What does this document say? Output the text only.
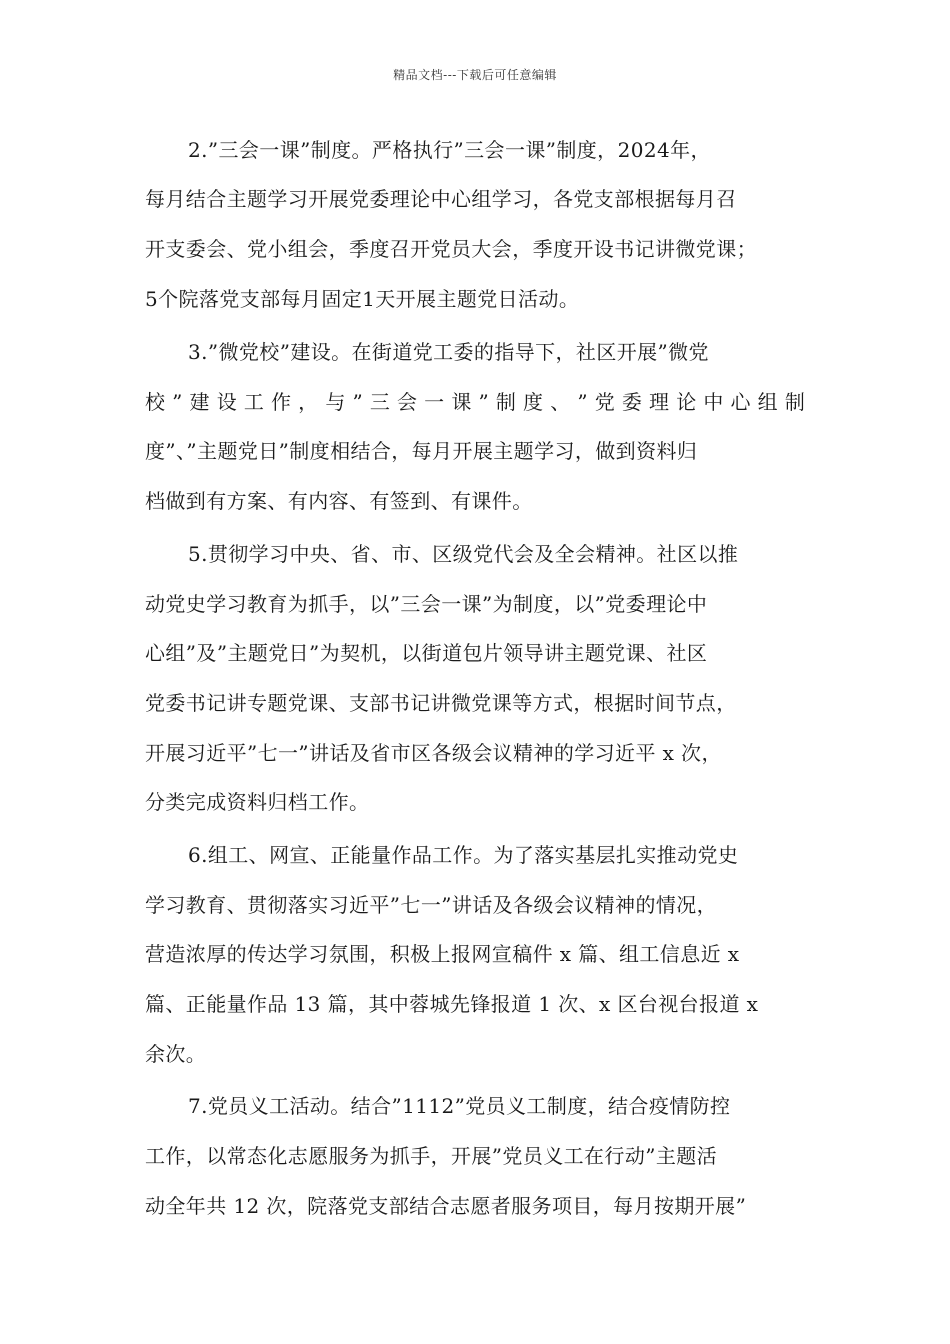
精品文档---下载后可任意编辑
2.”三会一课”制度。严格执行”三会一课”制度，2024年，
每月结合主题学习开展党委理论中心组学习，各党支部根据每月召
开支委会、党小组会，季度召开党员大会，季度开设书记讲微党课；
5个院落党支部每月固定1天开展主题党日活动。
3.”微党校”建设。在街道党工委的指导下，社区开展”微党
校 ” 建 设 工 作 ， 与 ” 三 会 一 课 ” 制 度 、 ” 党 委 理 论 中 心 组 制
度”、”主题党日”制度相结合，每月开展主题学习，做到资料归
档做到有方案、有内容、有签到、有课件。
5.贯彻学习中央、省、市、区级党代会及全会精神。社区以推
动党史学习教育为抓手，以”三会一课”为制度，以”党委理论中
心组”及”主题党日”为契机，以街道包片领导讲主题党课、社区
党委书记讲专题党课、支部书记讲微党课等方式，根据时间节点，
开展习近平”七一”讲话及省市区各级会议精神的学习近平 x 次，
分类完成资料归档工作。
6.组工、网宣、正能量作品工作。为了落实基层扎实推动党史
学习教育、贯彻落实习近平”七一”讲话及各级会议精神的情况，
营造浓厚的传达学习氛围，积极上报网宣稿件 x 篇、组工信息近 x
篇、正能量作品 13 篇，其中蓉城先锋报道 1 次、x 区台视台报道 x
余次。
7.党员义工活动。结合”1112”党员义工制度，结合疫情防控
工作，以常态化志愿服务为抓手，开展”党员义工在行动”主题活
动全年共 12 次，院落党支部结合志愿者服务项目，每月按期开展”
